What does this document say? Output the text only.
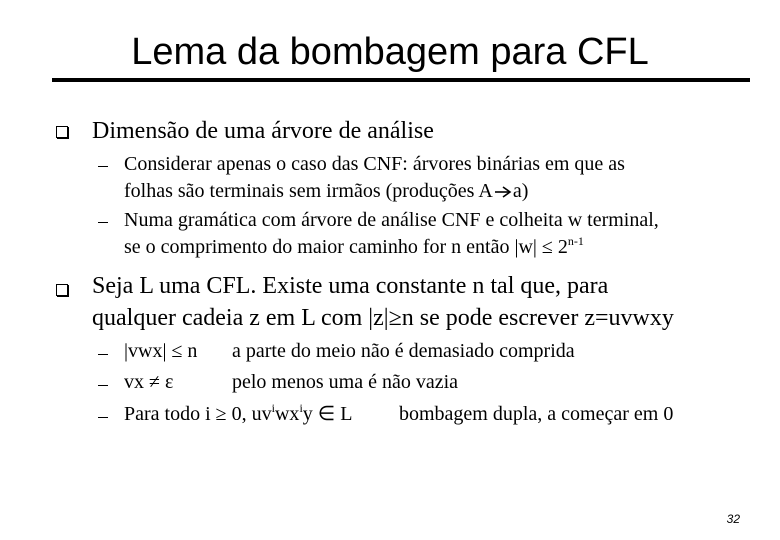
Lema da bombagem para CFL
Dimensão de uma árvore de análise
Considerar apenas o caso das CNF: árvores binárias em que as
folhas são terminais sem irmãos (produções A a)
Numa gramática com árvore de análise CNF e colheita w terminal,
se o comprimento do maior caminho for n então $|w| \le 2^{n-1}$
Seja L uma CFL. Existe uma constante n tal que, para
qualquer cadeia z em L com |z|≥n se pode escrever z=uvwxy
|vwx| ≤ n a parte do meio não é demasiado comprida
vx ≠ ε	pelo menos uma é não vazia
Para todo i ≥ 0, $uv^iwx^iy$ ∈ L bombagem dupla, a começar em 0
32
